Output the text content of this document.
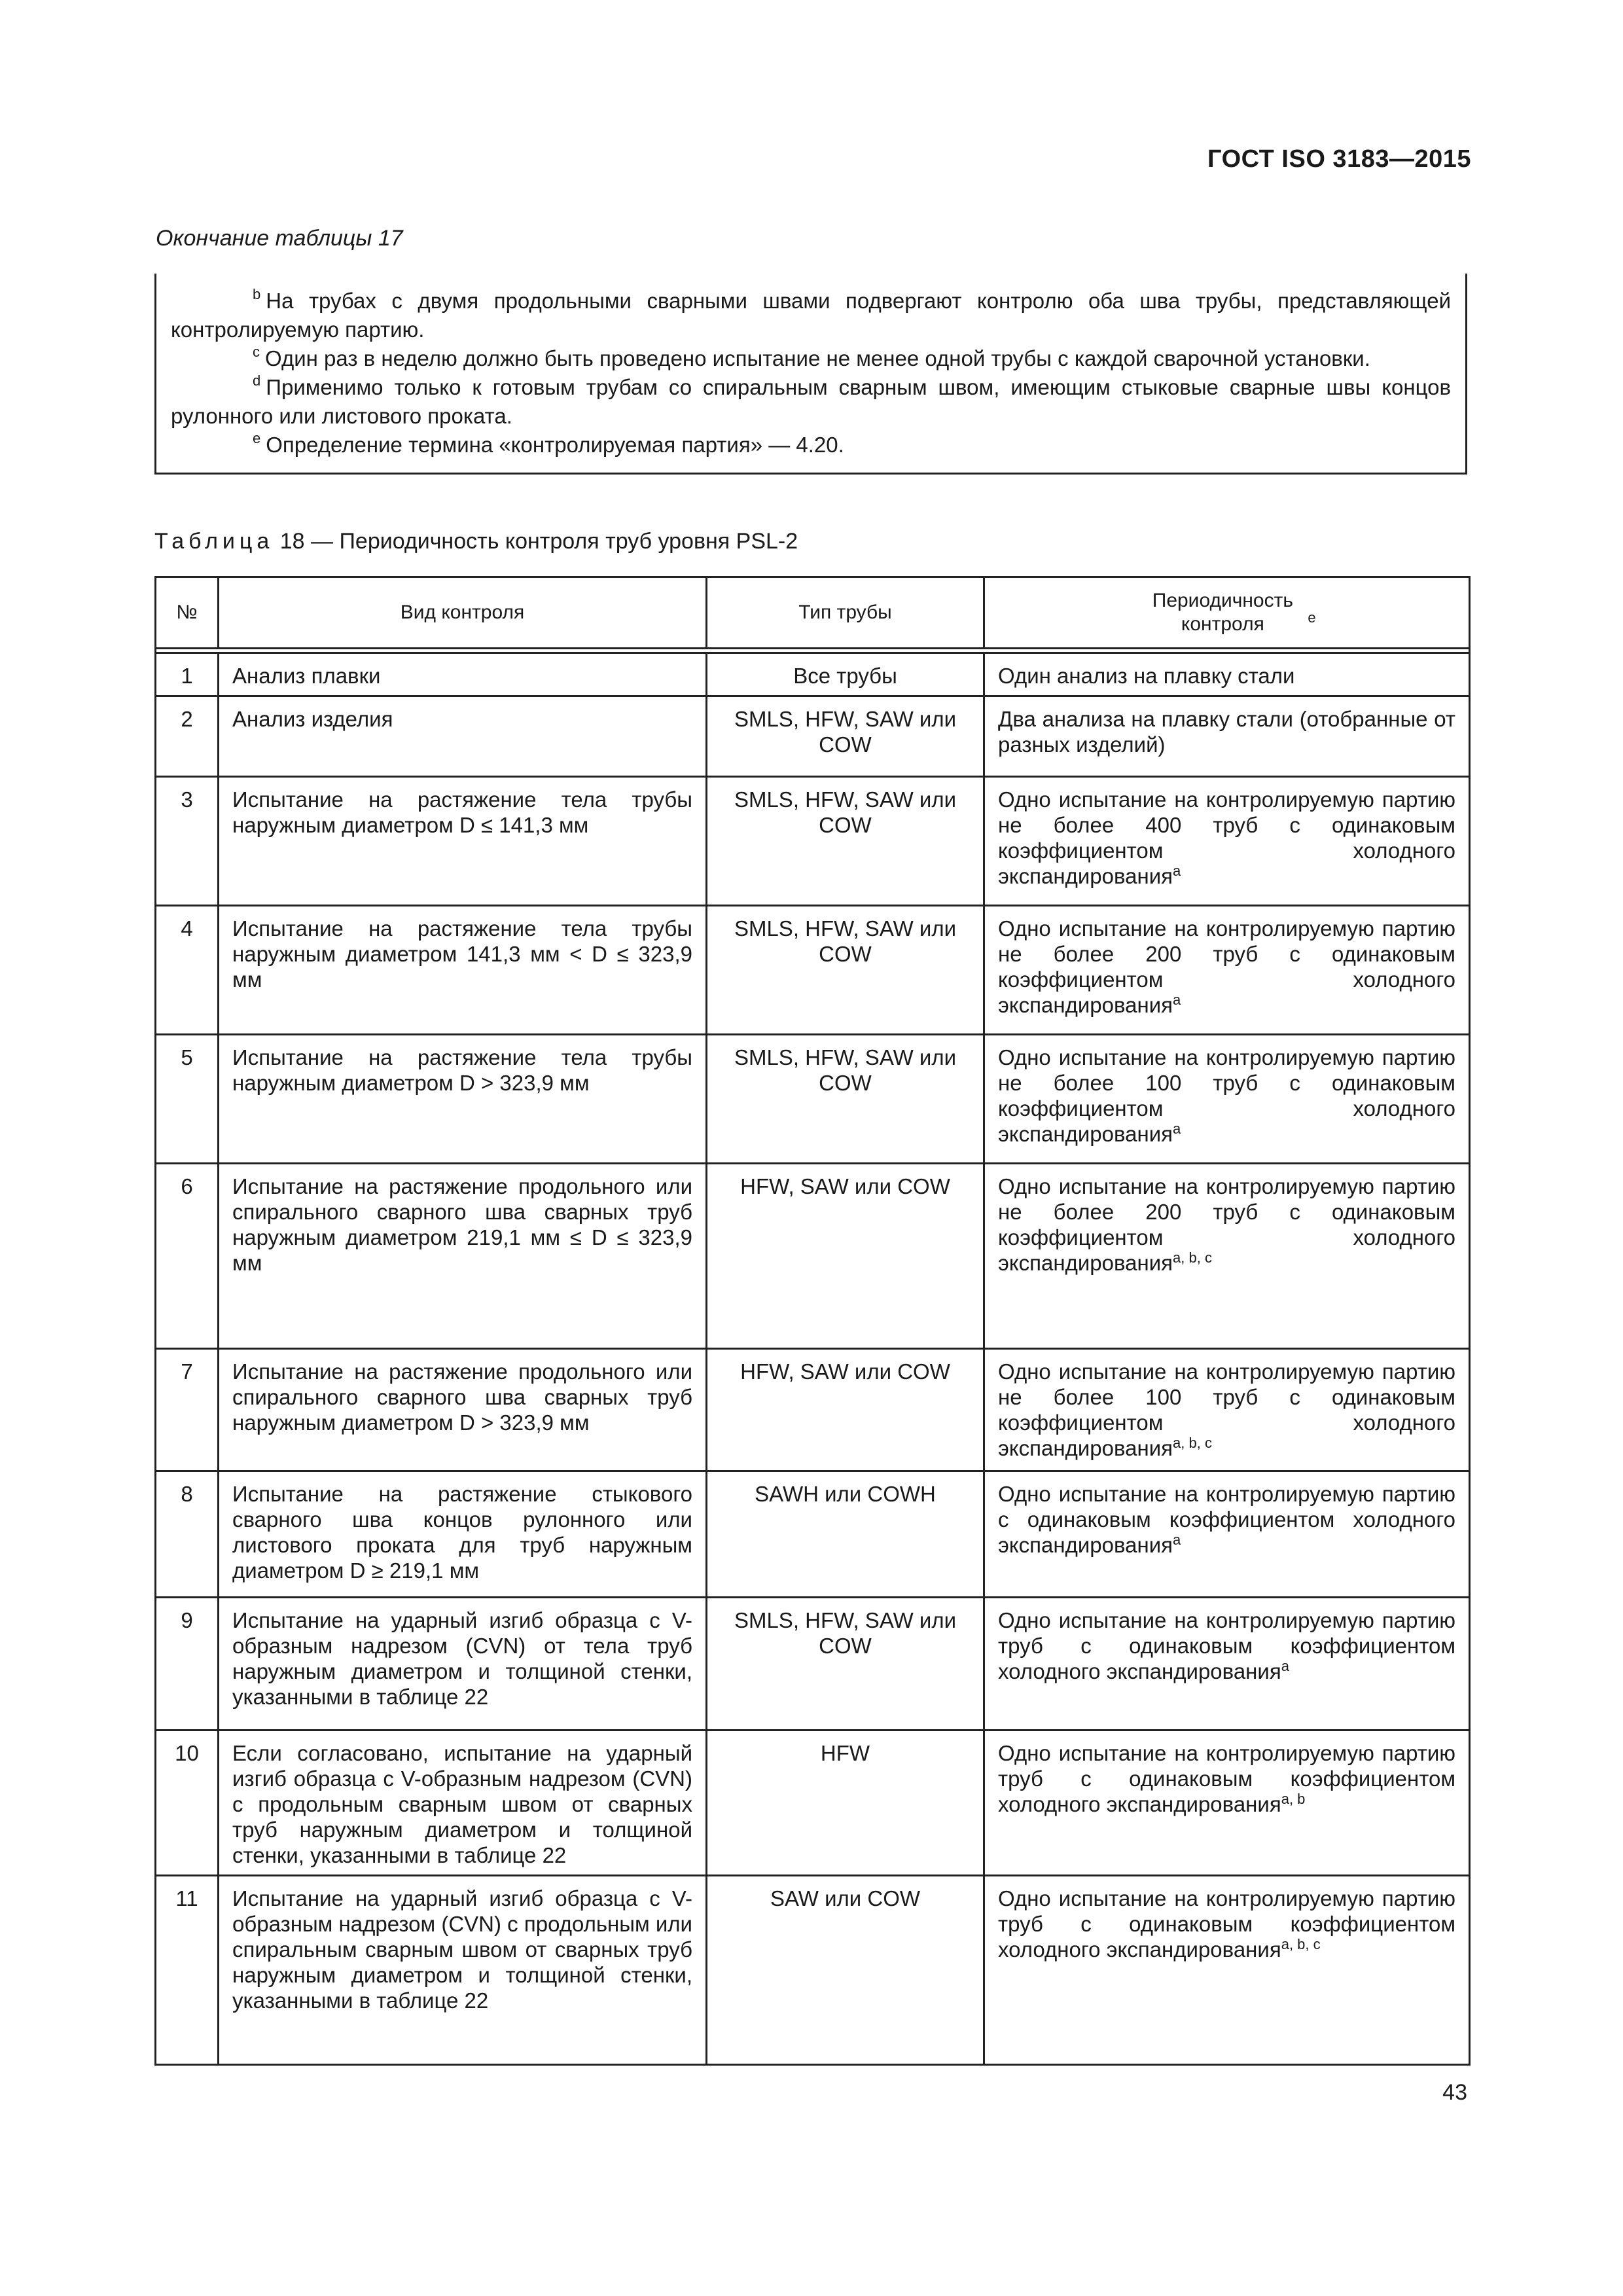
ГОСТ ISO 3183—2015
Окончание таблицы 17

$^b$ На трубах с двумя продольными сварными швами подвергают контролю оба шва трубы, представляющей контролируемую партию.

$^c$ Один раз в неделю должно быть проведено испытание не менее одной трубы с каждой сварочной установки.

$^d$ Применимо только к готовым трубам со спиральным сварным швом, имеющим стыковые сварные швы концов рулонного или листового проката.

$^e$ Определение термина «контролируемая партия» — 4.20.

Таблица 18 — Периодичность контроля труб уровня PSL-2
№	Вид контроля	Тип трубы	Периодичность контроля $^e$

1	Анализ плавки	Все трубы	Один анализ на плавку стали
2	Анализ изделия	SMLS, HFW, SAW или COW	Два анализа на плавку стали (отобранные от разных изделий)
3	Испытание на растяжение тела трубы наружным диаметром D ≤ 141,3 мм	SMLS, HFW, SAW или COW	Одно испытание на контролируемую партию не более 400 труб с одинаковым коэффициентом холодного экспандирования$^a$
4	Испытание на растяжение тела трубы наружным диаметром 141,3 мм < D ≤ 323,9 мм	SMLS, HFW, SAW или COW	Одно испытание на контролируемую партию не более 200 труб с одинаковым коэффициентом холодного экспандирования$^a$
5	Испытание на растяжение тела трубы наружным диаметром D > 323,9 мм	SMLS, HFW, SAW или COW	Одно испытание на контролируемую партию не более 100 труб с одинаковым коэффициентом холодного экспандирования$^a$
6	Испытание на растяжение продольного или спирального сварного шва сварных труб наружным диаметром 219,1 мм ≤ D ≤ 323,9 мм	HFW, SAW или COW	Одно испытание на контролируемую партию не более 200 труб с одинаковым коэффициентом холодного экспандирования$^{a, b, c}$
7	Испытание на растяжение продольного или спирального сварного шва сварных труб наружным диаметром D > 323,9 мм	HFW, SAW или COW	Одно испытание на контролируемую партию не более 100 труб с одинаковым коэффициентом холодного экспандирования$^{a, b, c}$
8	Испытание на растяжение стыкового сварного шва концов рулонного или листового проката для труб наружным диаметром D ≥ 219,1 мм	SAWH или COWH	Одно испытание на контролируемую партию с одинаковым коэффициентом холодного экспандирования$^a$
9	Испытание на ударный изгиб образца с V-образным надрезом (CVN) от тела труб наружным диаметром и толщиной стенки, указанными в таблице 22	SMLS, HFW, SAW или COW	Одно испытание на контролируемую партию труб с одинаковым коэффициентом холодного экспандирования$^a$
10	Если согласовано, испытание на ударный изгиб образца с V-образным надрезом (CVN) с продольным сварным швом от сварных труб наружным диаметром и толщиной стенки, указанными в таблице 22	HFW	Одно испытание на контролируемую партию труб с одинаковым коэффициентом холодного экспандирования$^{a, b}$
11	Испытание на ударный изгиб образца с V-образным надрезом (CVN) с продольным или спиральным сварным швом от сварных труб наружным диаметром и толщиной стенки, указанными в таблице 22	SAW или COW	Одно испытание на контролируемую партию труб с одинаковым коэффициентом холодного экспандирования$^{a, b, c}$
43
